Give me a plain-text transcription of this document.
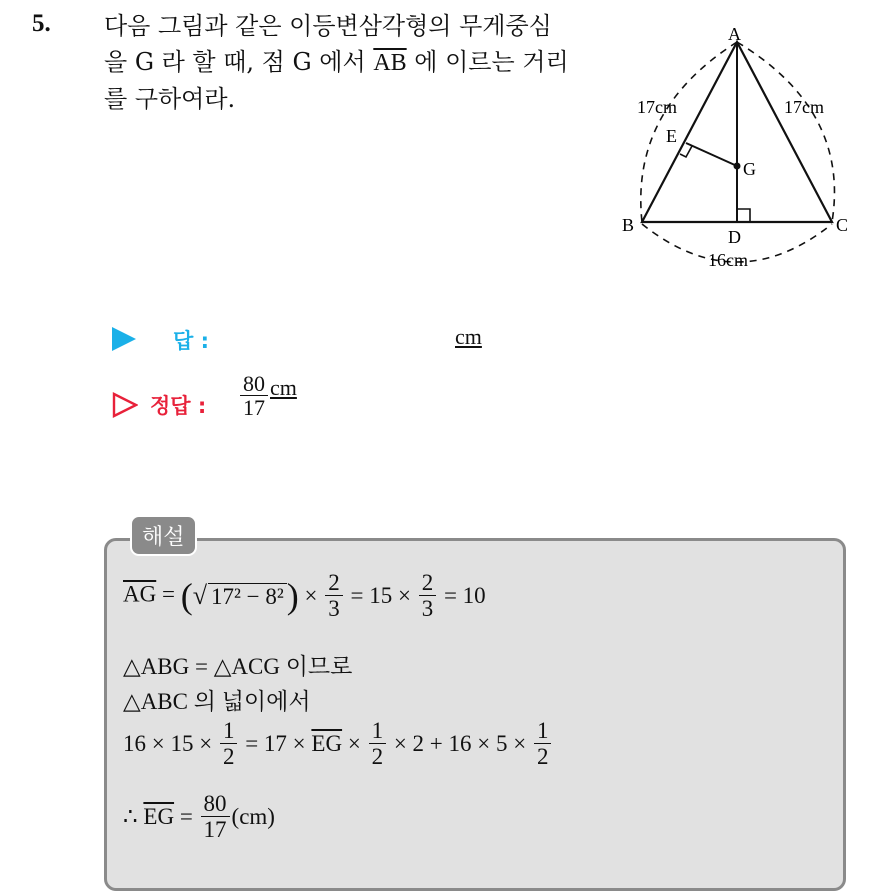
5. 다음 그림과 같은 이등변삼각형의 무게중심
을 G 라 할 때, 점 G 에서 $\overline{AB}$ 에 이르는 거리
를 구하여라.
A
B	C
D
E
G
17cm	17cm
16cm
답 :	cm
정답 : $\frac{80}{17}$ cm
해설
$\overline{AG}$ = (√ $17^2 - 8^2) \times \frac{2}{3} = 15 \times \frac{2}{3} = 10$
△ABG = △ACG 이므로
△ABC 의 넓이에서
$16 \times 15 \times \frac{1}{2} = 17 \times \overline{EG} \times \frac{1}{2} \times 2 + 16 \times 5 \times \frac{1}{2}$
∴ $\overline{EG} = \frac{80}{17} (cm)$
